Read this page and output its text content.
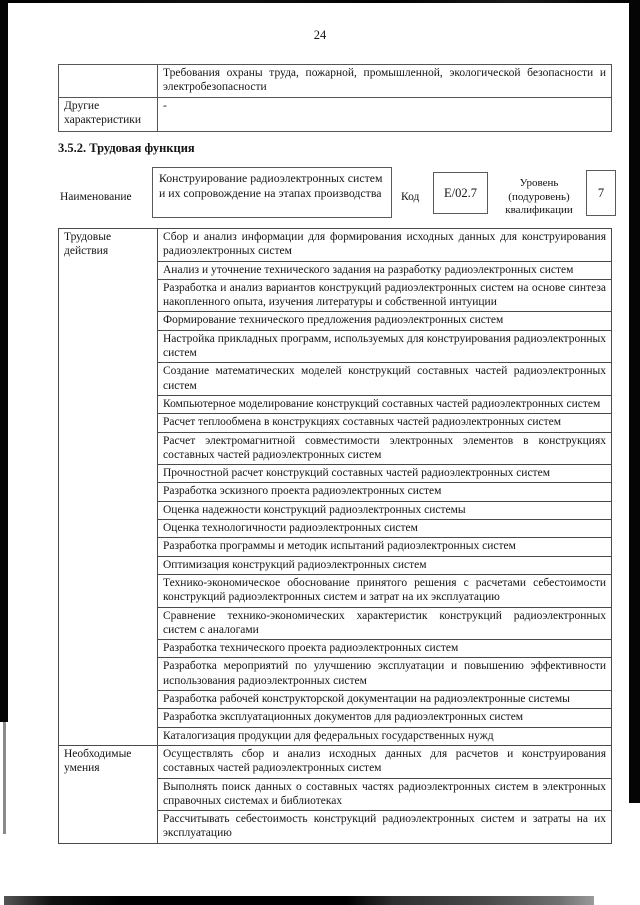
24
	Требования охраны труда, пожарной, промышленной, экологической безопасности и электробезопасности
Другие характеристики	-
3.5.2. Трудовая функция
Наименование
Конструирование радиоэлектронных систем и их сопровождение на этапах производства	Код	Е/02.7
Уровень (подуровень) квалификации
7
Трудовые действия	Сбор и анализ информации для формирования исходных данных для конструирования радиоэлектронных систем
	Анализ и уточнение технического задания на разработку радиоэлектронных систем
	Разработка и анализ вариантов конструкций радиоэлектронных систем на основе синтеза накопленного опыта, изучения литературы и собственной интуиции
	Формирование технического предложения радиоэлектронных систем
	Настройка прикладных программ, используемых для конструирования радиоэлектронных систем
	Создание математических моделей конструкций составных частей радиоэлектронных систем
	Компьютерное моделирование конструкций составных частей радиоэлектронных систем
	Расчет теплообмена в конструкциях составных частей радиоэлектронных систем
	Расчет электромагнитной совместимости электронных элементов в конструкциях составных частей радиоэлектронных систем
	Прочностной расчет конструкций составных частей радиоэлектронных систем
	Разработка эскизного проекта радиоэлектронных систем
	Оценка надежности конструкций радиоэлектронных системы
	Оценка технологичности радиоэлектронных систем
	Разработка программы и методик испытаний радиоэлектронных систем
	Оптимизация конструкций радиоэлектронных систем
	Технико-экономическое обоснование принятого решения с расчетами себестоимости конструкций радиоэлектронных систем и затрат на их эксплуатацию
	Сравнение технико-экономических характеристик конструкций радиоэлектронных систем с аналогами
	Разработка технического проекта радиоэлектронных систем
	Разработка мероприятий по улучшению эксплуатации и повышению эффективности использования радиоэлектронных систем
	Разработка рабочей конструкторской документации на радиоэлектронные системы
	Разработка эксплуатационных документов для радиоэлектронных систем
	Каталогизация продукции для федеральных государственных нужд
Необходимые умения	Осуществлять сбор и анализ исходных данных для расчетов и конструирования составных частей радиоэлектронных систем
	Выполнять поиск данных о составных частях радиоэлектронных систем в электронных справочных системах и библиотеках
	Рассчитывать себестоимость конструкций радиоэлектронных систем и затраты на их эксплуатацию
